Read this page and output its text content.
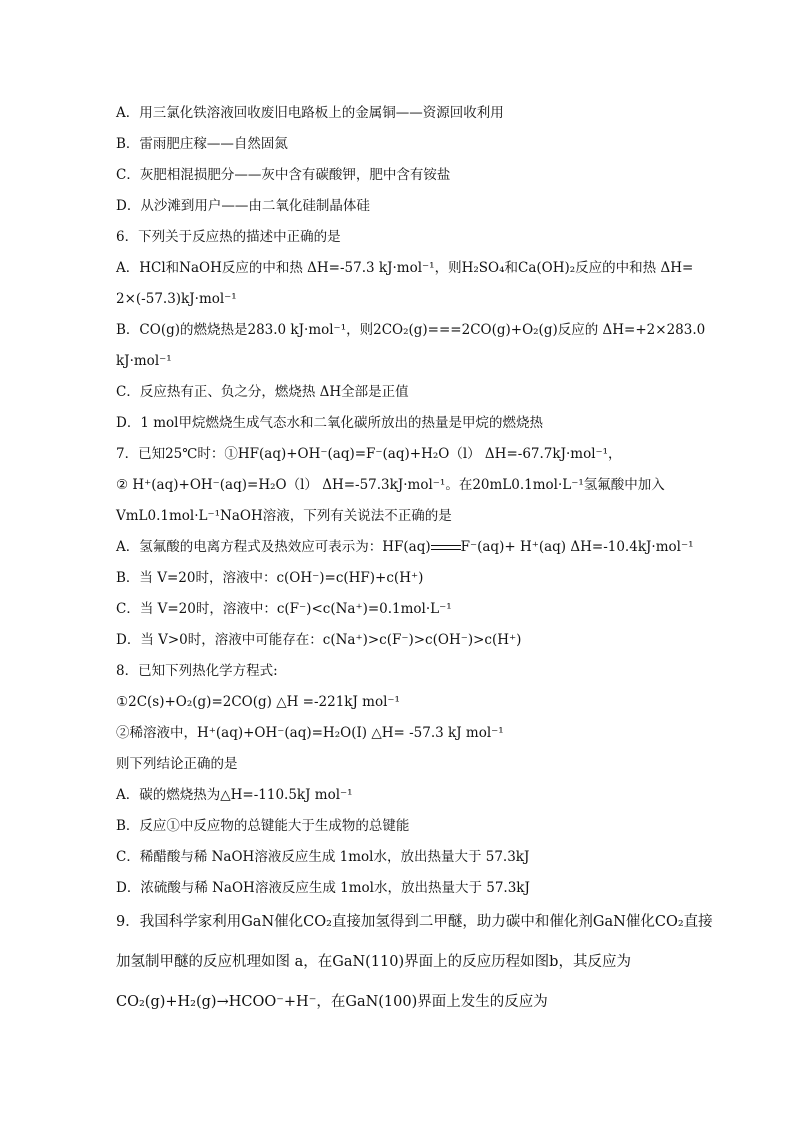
A．用三氯化铁溶液回收废旧电路板上的金属铜——资源回收利用
B．雷雨肥庄稼——自然固氮
C．灰肥相混损肥分——灰中含有碳酸钾，肥中含有铵盐
D．从沙滩到用户——由二氧化硅制晶体硅
6．下列关于反应热的描述中正确的是
A．HCl和NaOH反应的中和热 ΔH=-57.3 kJ·mol⁻¹，则H₂SO₄和Ca(OH)₂反应的中和热 ΔH=
2×(-57.3)kJ·mol⁻¹
B．CO(g)的燃烧热是283.0 kJ·mol⁻¹，则2CO₂(g)===2CO(g)+O₂(g)反应的 ΔH=+2×283.0
kJ·mol⁻¹
C．反应热有正、负之分，燃烧热 ΔH全部是正值
D．1 mol甲烷燃烧生成气态水和二氧化碳所放出的热量是甲烷的燃烧热
7．已知25℃时：①HF(aq)+OH⁻(aq)=F⁻(aq)+H₂O（l） ΔH=-67.7kJ·mol⁻¹，
② H⁺(aq)+OH⁻(aq)=H₂O（l） ΔH=-57.3kJ·mol⁻¹。在20mL0.1mol·L⁻¹氢氟酸中加入
VmL0.1mol·L⁻¹NaOH溶液，下列有关说法不正确的是
A．氢氟酸的电离方程式及热效应可表示为：HF(aq) F⁻(aq)+ H⁺(aq) ΔH=-10.4kJ·mol⁻¹
B．当 V=20时，溶液中：c(OH⁻)=c(HF)+c(H⁺)
C．当 V=20时，溶液中：c(F⁻)<c(Na⁺)=0.1mol·L⁻¹
D．当 V>0时，溶液中可能存在：c(Na⁺)>c(F⁻)>c(OH⁻)>c(H⁺)
8．已知下列热化学方程式:
①2C(s)+O₂(g)=2CO(g) △H =-221kJ mol⁻¹
②稀溶液中，H⁺(aq)+OH⁻(aq)=H₂O(I) △H= -57.3 kJ mol⁻¹
则下列结论正确的是
A．碳的燃烧热为△H=-110.5kJ mol⁻¹
B．反应①中反应物的总键能大于生成物的总键能
C．稀醋酸与稀 NaOH溶液反应生成 1mol水，放出热量大于 57.3kJ
D．浓硫酸与稀 NaOH溶液反应生成 1mol水，放出热量大于 57.3kJ
9．我国科学家利用GaN催化CO₂直接加氢得到二甲醚，助力碳中和催化剂GaN催化CO₂直接
加氢制甲醚的反应机理如图 a，在GaN(110)界面上的反应历程如图b，其反应为
CO₂(g)+H₂(g)→HCOO⁻+H⁻，在GaN(100)界面上发生的反应为
